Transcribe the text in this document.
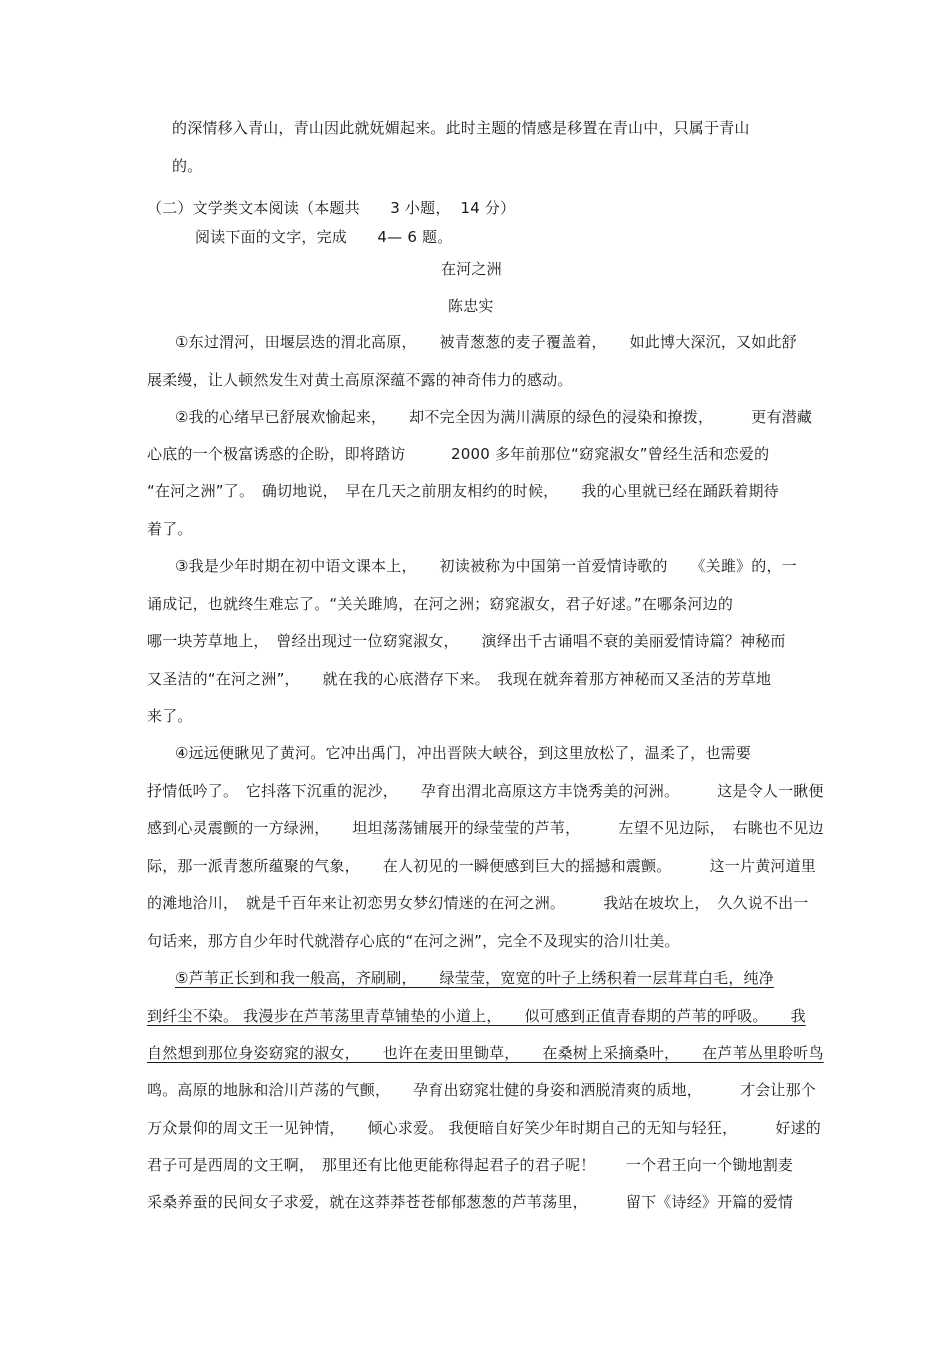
的深情移入青山，青山因此就妩媚起来。此时主题的情感是移置在青山中，只属于青山

的。

（二）文学类文本阅读（本题共　　3 小题，  14 分）

阅读下面的文字，完成　　4— 6 题。

在河之洲

陈忠实

①东过渭河，田堰层迭的渭北高原，　　被青葱葱的麦子覆盖着，　　如此博大深沉，又如此舒

展柔缦，让人顿然发生对黄土高原深蕴不露的神奇伟力的感动。

②我的心绪早已舒展欢愉起来，　　却不完全因为满川满原的绿色的浸染和撩拨，　　　更有潜藏

心底的一个极富诱惑的企盼，即将踏访　　　2000 多年前那位“窈窕淑女”曾经生活和恋爱的

“在河之洲”了。　确切地说，　早在几天之前朋友相约的时候，　　我的心里就已经在踊跃着期待

着了。

③我是少年时期在初中语文课本上，　　初读被称为中国第一首爱情诗歌的　　《关雎》的，一

诵成记，也就终生难忘了。“关关雎鸠，在河之洲；窈窕淑女，君子好逑。”在哪条河边的

哪一块芳草地上，　曾经出现过一位窈窕淑女，　　演绎出千古诵唱不衰的美丽爱情诗篇？神秘而

又圣洁的“在河之洲”，　　就在我的心底潜存下来。　我现在就奔着那方神秘而又圣洁的芳草地

来了。

④远远便瞅见了黄河。它冲出禹门，冲出晋陕大峡谷，到这里放松了，温柔了，也需要

抒情低吟了。　它抖落下沉重的泥沙，　　孕育出渭北高原这方丰饶秀美的河洲。　　　这是令人一瞅便

感到心灵震颤的一方绿洲，　　坦坦荡荡铺展开的绿莹莹的芦苇，　　　左望不见边际，　右眺也不见边

际，那一派青葱所蕴聚的气象，　　在人初见的一瞬便感到巨大的摇撼和震颤。　　　这一片黄河道里

的滩地洽川，　就是千百年来让初恋男女梦幻情迷的在河之洲。　　　我站在坡坎上，　久久说不出一

句话来，那方自少年时代就潜存心底的“在河之洲”，完全不及现实的洽川壮美。

⑤芦苇正长到和我一般高，齐刷刷，　　绿莹莹，宽宽的叶子上绣积着一层茸茸白毛，纯净

到纤尘不染。 我漫步在芦苇荡里青草铺垫的小道上，　　似可感到正值青春期的芦苇的呼吸。　　我

自然想到那位身姿窈窕的淑女，　　也许在麦田里锄草，　　在桑树上采摘桑叶，　　在芦苇丛里聆听鸟

鸣。高原的地脉和洽川芦荡的气颤，　　孕育出窈窕壮健的身姿和洒脱清爽的质地，　　　才会让那个

万众景仰的周文王一见钟情，　　倾心求爱。 我便暗自好笑少年时期自己的无知与轻狂，　　　好逑的

君子可是西周的文王啊，　那里还有比他更能称得起君子的君子呢！　　一个君王向一个锄地割麦

采桑养蚕的民间女子求爱，就在这莽莽苍苍郁郁葱葱的芦苇荡里，　　　留下《诗经》开篇的爱情
